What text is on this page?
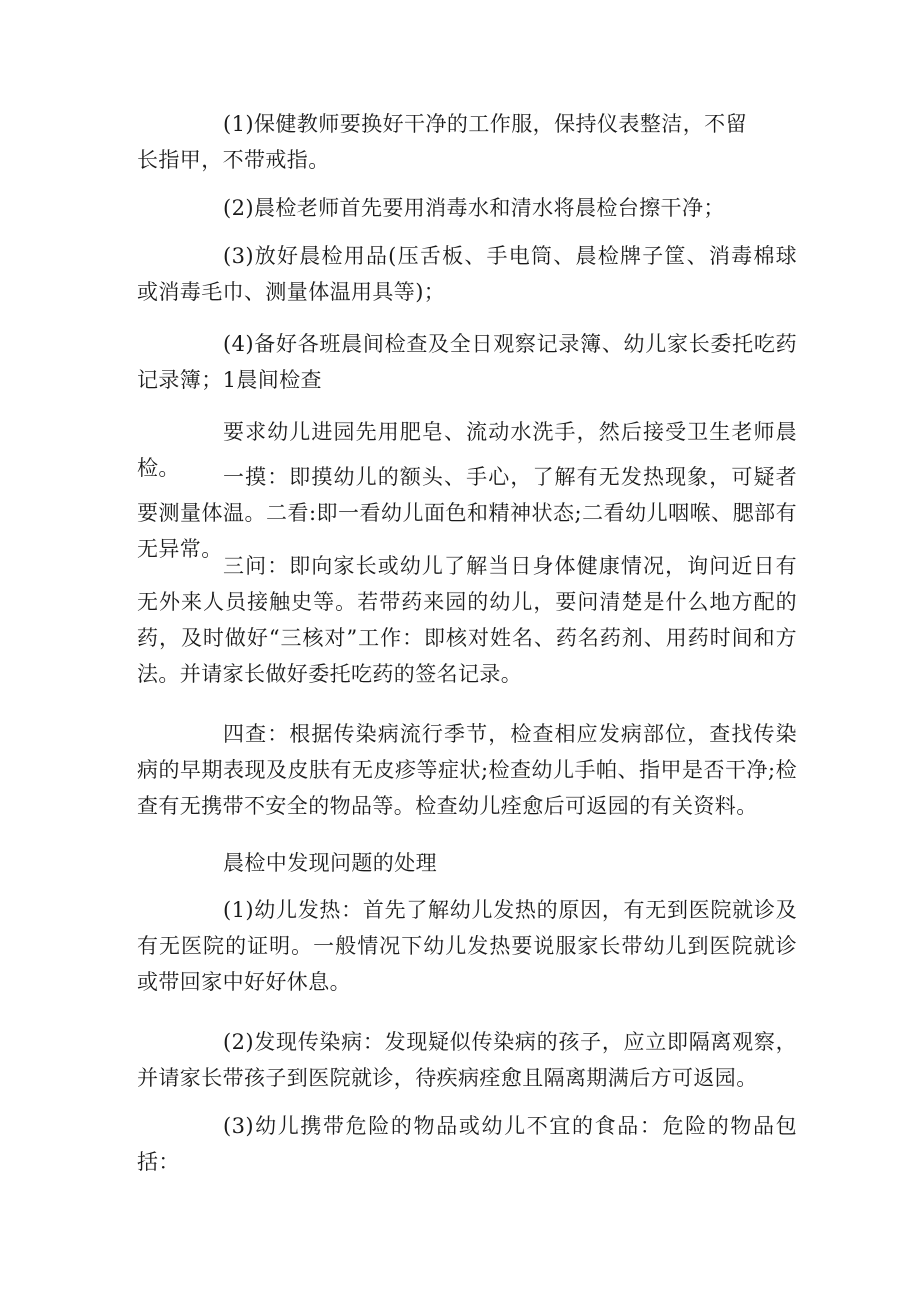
(1)保健教师要换好干净的工作服，保持仪表整洁，不留长指甲，不带戒指。

(2)晨检老师首先要用消毒水和清水将晨检台擦干净；

(3)放好晨检用品(压舌板、手电筒、晨检牌子筐、消毒棉球或消毒毛巾、测量体温用具等)；

(4)备好各班晨间检查及全日观察记录簿、幼儿家长委托吃药记录簿；1晨间检查

要求幼儿进园先用肥皂、流动水洗手，然后接受卫生老师晨检。	一摸：即摸幼儿的额头、手心，了解有无发热现象，可疑者要测量体温。二看:即一看幼儿面色和精神状态;二看幼儿咽喉、腮部有无异常。

三问：即向家长或幼儿了解当日身体健康情况，询问近日有无外来人员接触史等。若带药来园的幼儿，要问清楚是什么地方配的药，及时做好“三核对”工作：即核对姓名、药名药剂、用药时间和方法。并请家长做好委托吃药的签名记录。

四查：根据传染病流行季节，检查相应发病部位，查找传染病的早期表现及皮肤有无皮疹等症状;检查幼儿手帕、指甲是否干净;检查有无携带不安全的物品等。检查幼儿痊愈后可返园的有关资料。

晨检中发现问题的处理

(1)幼儿发热：首先了解幼儿发热的原因，有无到医院就诊及有无医院的证明。一般情况下幼儿发热要说服家长带幼儿到医院就诊或带回家中好好休息。

(2)发现传染病：发现疑似传染病的孩子，应立即隔离观察，并请家长带孩子到医院就诊，待疾病痊愈且隔离期满后方可返园。

(3)幼儿携带危险的物品或幼儿不宜的食品：危险的物品包括：
